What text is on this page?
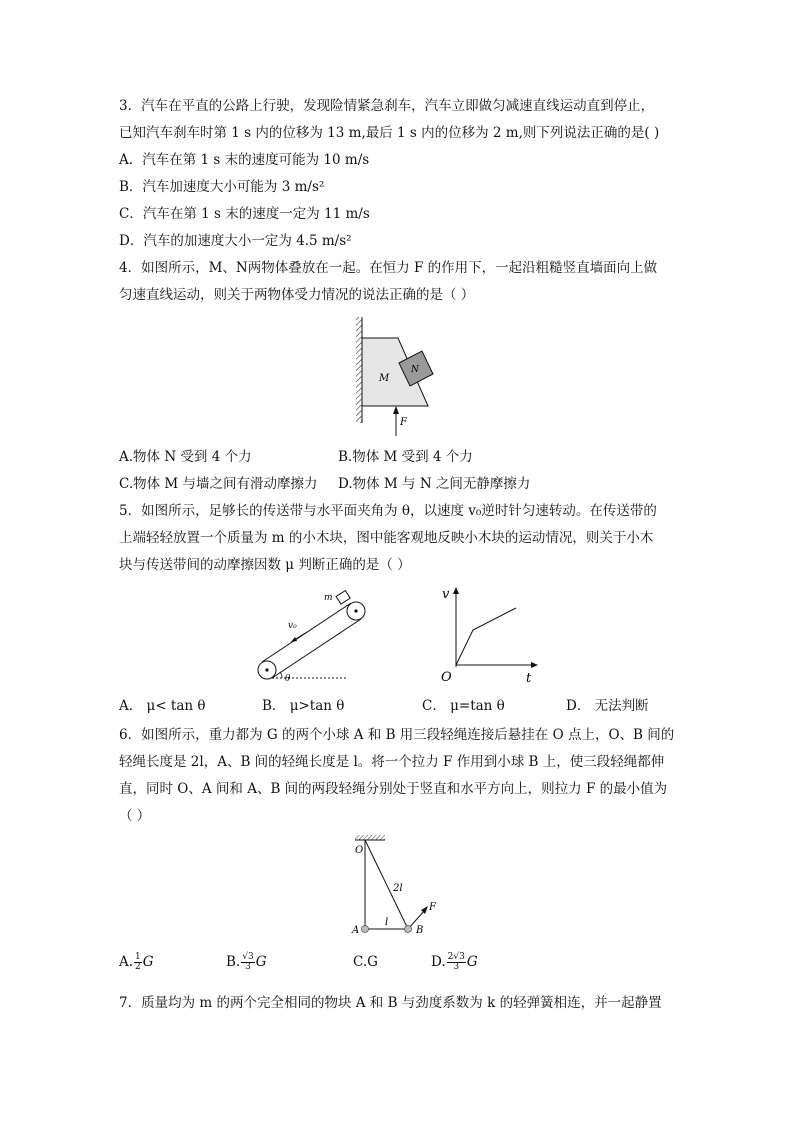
3．汽车在平直的公路上行驶，发现险情紧急刹车，汽车立即做匀减速直线运动直到停止，
已知汽车刹车时第 1 s 内的位移为 13 m,最后 1 s 内的位移为 2 m,则下列说法正确的是( )
A．汽车在第 1 s 末的速度可能为 10 m/s
B．汽车加速度大小可能为 3 m/s²
C．汽车在第 1 s 末的速度一定为 11 m/s
D．汽车的加速度大小一定为 4.5 m/s²
4．如图所示，M、N两物体叠放在一起。在恒力 F 的作用下，一起沿粗糙竖直墙面向上做
匀速直线运动，则关于两物体受力情况的说法正确的是（ ）
M
N
F
A.物体 N 受到 4 个力	B.物体 M 受到 4 个力
C.物体 M 与墙之间有滑动摩擦力 D.物体 M 与 N 之间无静摩擦力
5．如图所示，足够长的传送带与水平面夹角为 θ，以速度 v₀逆时针匀速转动。在传送带的
上端轻轻放置一个质量为 m 的小木块，图中能客观地反映小木块的运动情况，则关于小木
块与传送带间的动摩擦因数 μ 判断正确的是（ ）
m
v₀
θ
v
O	t
A． μ< tan θ	B． μ>tan θ	C． μ=tan θ	D． 无法判断
6．如图所示，重力都为 G 的两个小球 A 和 B 用三段轻绳连接后悬挂在 O 点上，O、B 间的
轻绳长度是 2l，A、B 间的轻绳长度是 l。将一个拉力 F 作用到小球 B 上，使三段轻绳都伸
直，同时 O、A 间和 A、B 间的两段轻绳分别处于竖直和水平方向上，则拉力 F 的最小值为
（ ）
O
2l
F
A
l
B
A. $\frac{1}{2}$ G	B. $\frac{√3}{3}$ G	C.G	D. $\frac{2√3}{3}$ G
7．质量均为 m 的两个完全相同的物块 A 和 B 与劲度系数为 k 的轻弹簧相连，并一起静置
